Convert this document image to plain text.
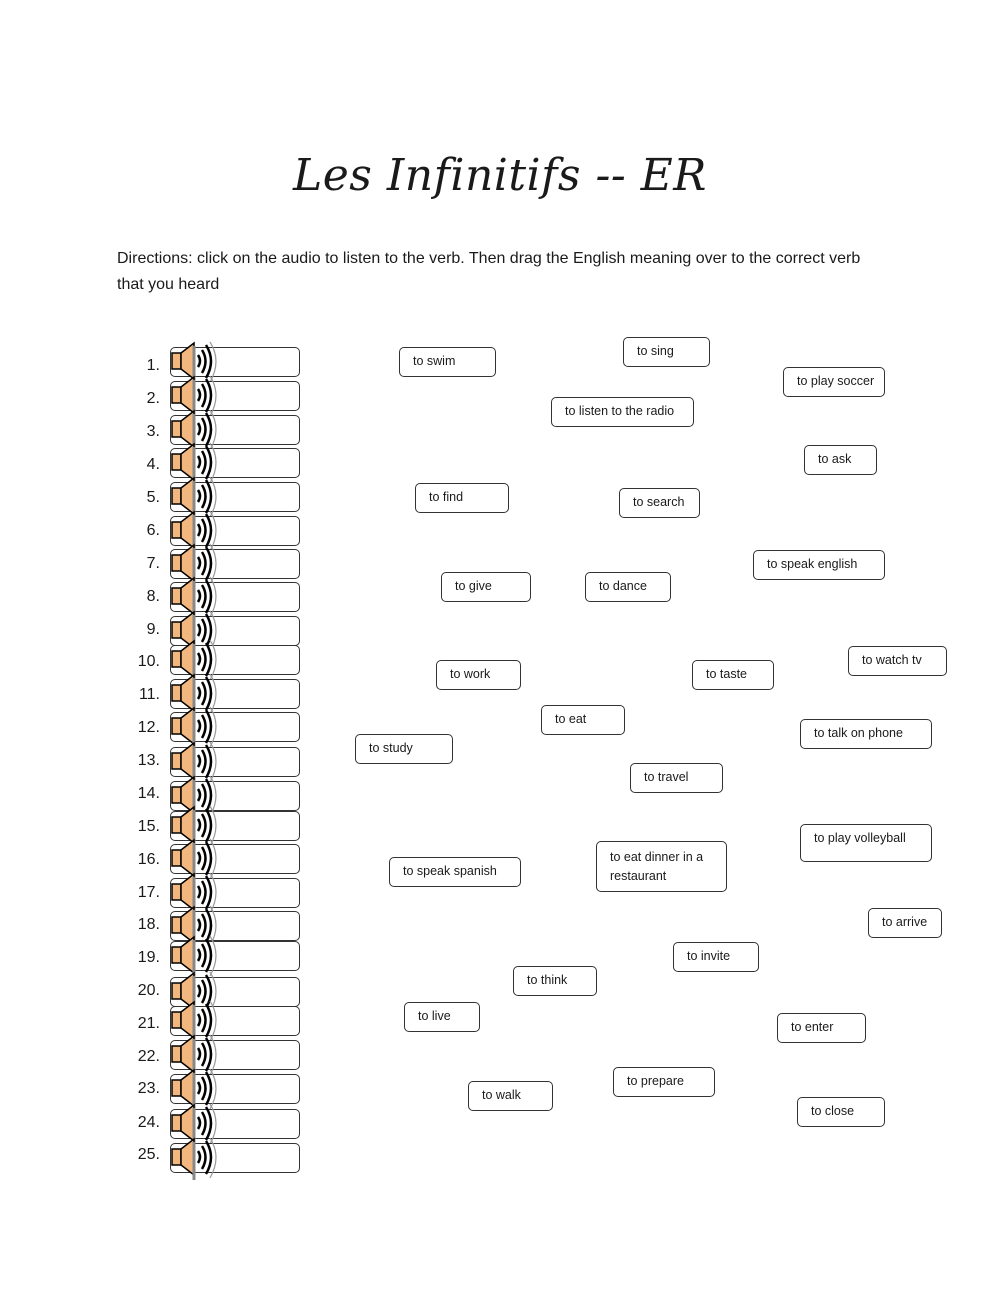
Les Infinitifs -- ER
Directions: click on the audio to listen to the verb. Then drag the English meaning over to the correct verb that you heard
1.
2.
3.
4.
5.
6.
7.
8.
9.
10.
11.
12.
13.
14.
15.
16.
17.
18.
19.
20.
21.
22.
23.
24.
25.
to swim
to sing
to play soccer
to listen to the radio
to ask
to find	to search
to speak english
to give	to dance
to watch tv
to work	to taste
to eat
to talk on phone
to study
to travel
to play volleyball
to eat dinner in a restaurant
to speak spanish
to arrive
to invite
to think
to live
to enter
to prepare
to walk
to close
